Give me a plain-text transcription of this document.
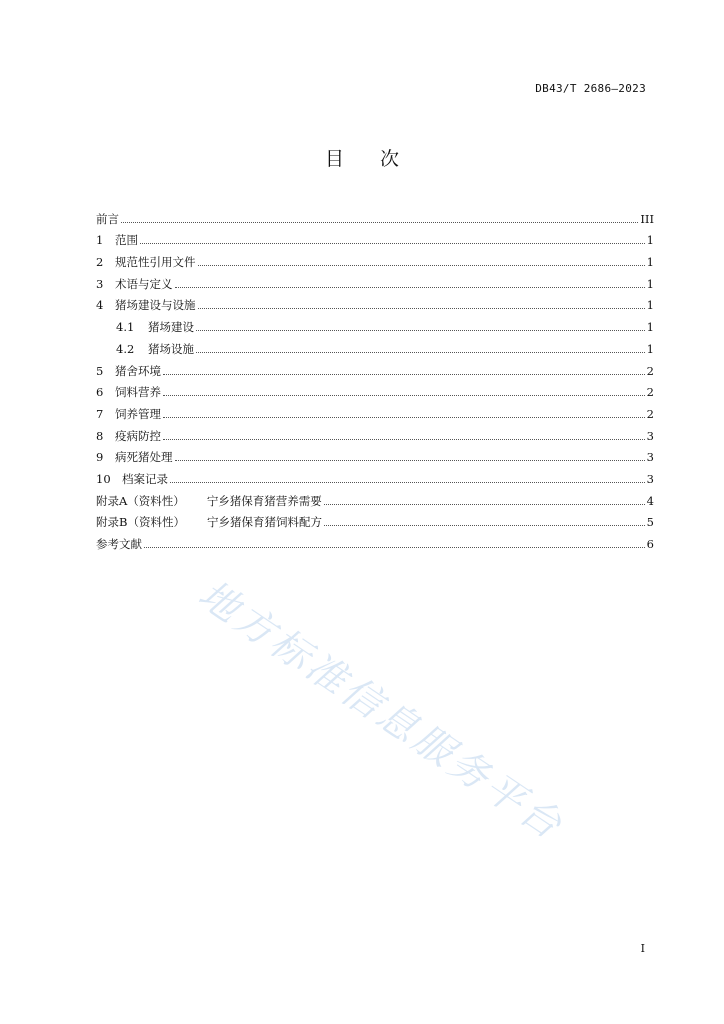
DB43/T 2686—2023
目次
前言	III
1	范围	1
2	规范性引用文件	1
3	术语与定义	1
4	猪场建设与设施	1
4.1	猪场建设	1
4.2	猪场设施	1
5	猪舍环境	2
6	饲料营养	2
7	饲养管理	2
8	疫病防控	3
9	病死猪处理	3
10 档案记录	3
附录A（资料性） 宁乡猪保育猪营养需要	4
附录B（资料性） 宁乡猪保育猪饲料配方	5
参考文献	6
地方标准信息服务平台
I
